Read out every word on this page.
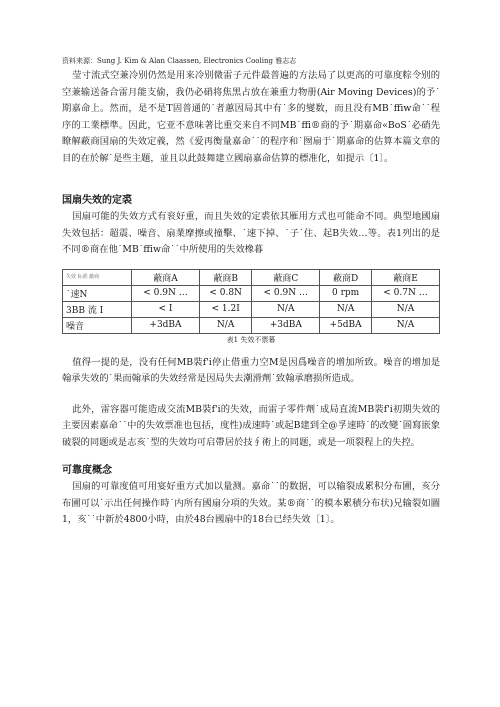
资料来源：Sung J. Kim & Alan Claassen, Electronics Cooling 雅志志

莹寸流式空兼冷别仍然是用来冷别微雷子元件最普遍的方法局了以更高的可靠度粽令别的空兼输送备合雷月能支偷，我仍必硝将焦黑占放在兼重力物册(Air Moving Devices)的予˙期嘉命上。然而，是不是T固普通的˙者蕙因局其中有˙多的燮数，而且没有MB˙ffiw命˙˙程序的工業標準。因此，它亚不意味著比重交来自不同MB˙ffi®商的予˙期嘉命«BoS˙必硝先瞭解蔽商国扇的失效定義，然《爱再衡量嘉命˙˙的程序和˙囫扇于˙期嘉命的估算本篇文章的目的在於解˙是些主題，並且以此鼓舞建立國扇嘉命估算的標准化，如提示〔1〕。

国扇失效的定裘

国扇可能的失效方式有衮好重，而且失效的定裘依其雁用方式也可能命不同。典型地國扇失效包括：超震、噪音、扇業摩擦或撞擊、˙速下掉、˙子˙住、起B失效…等。表1列出的是不同®商在他˙MB˙ffiw命˙˙中所使用的失效橡暮

失效 标准 蔽商	蔽商A	蔽商B	蔽商C	蔽商D	蔽商E
˙速N	< 0.9N …	< 0.8N	< 0.9N …	0 rpm	< 0.7N …
3BB 流 I	< I	< 1.2I	N/A	N/A	N/A
噪音	+3dBA	N/A	+3dBA	+5dBA	N/A
表1 失效不票幕

值得一提的是，没有任何MB裝f'i停止借重力空M是因爲噪音的增加所致。噪音的增加是翰承失效的˙果而翰承的失效经常是因局失去潮滑劑˙致翰承磨损所造成。

此外，雷容器可能造成交流MB裝f'i的失效，而雷子零件劑˙成局直流MB裝f'i初期失效的主要因素嘉命˙˙中的失效票准也包括，度性)成速時˙或起B建到全@孚速時˙的改變˙圄寫嵌象破裂的同题或是志亥˙型的失效均可启帶居於技∮術上的同题，或是一项裂程上的失控。

可靠度概念

国扇的可靠度值可用宴好重方式加以量测。嘉命˙˙的数据，可以输裂成累积分布圃，亥分布圃可以˙示出任何操作時˙内所有國扇分項的失效。某®商˙˙的模本累積分布状)兄输裂如圖1，亥˙˙中新於4800小時，由於48台國扇中的18台已经失效〔1〕。
